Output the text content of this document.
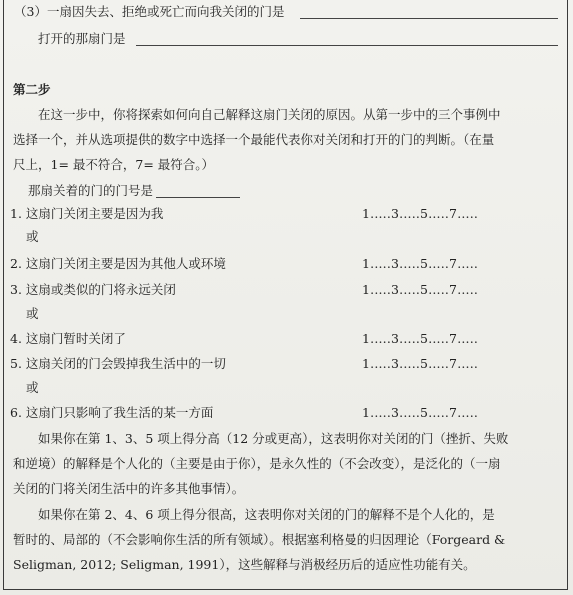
（3）一扇因失去、拒绝或死亡而向我关闭的门是
打开的那扇门是
第二步
在这一步中，你将探索如何向自己解释这扇门关闭的原因。从第一步中的三个事例中
选择一个，并从选项提供的数字中选择一个最能代表你对关闭和打开的门的判断。（在量
尺上，1= 最不符合，7= 最符合。）
那扇关着的门的门号是
1. 这扇门关闭主要是因为我	1.....3.....5.....7.....
或
2. 这扇门关闭主要是因为其他人或环境	1.....3.....5.....7.....
3. 这扇或类似的门将永远关闭	1.....3.....5.....7.....
或
4. 这扇门暂时关闭了	1.....3.....5.....7.....
5. 这扇关闭的门会毁掉我生活中的一切	1.....3.....5.....7.....
或
6. 这扇门只影响了我生活的某一方面	1.....3.....5.....7.....
如果你在第 1、3、5 项上得分高（12 分或更高），这表明你对关闭的门（挫折、失败
和逆境）的解释是个人化的（主要是由于你），是永久性的（不会改变），是泛化的（一扇
关闭的门将关闭生活中的许多其他事情）。
如果你在第 2、4、6 项上得分很高，这表明你对关闭的门的解释不是个人化的，是
暂时的、局部的（不会影响你生活的所有领域）。根据塞利格曼的归因理论（Forgeard &
Seligman, 2012; Seligman, 1991），这些解释与消极经历后的适应性功能有关。
